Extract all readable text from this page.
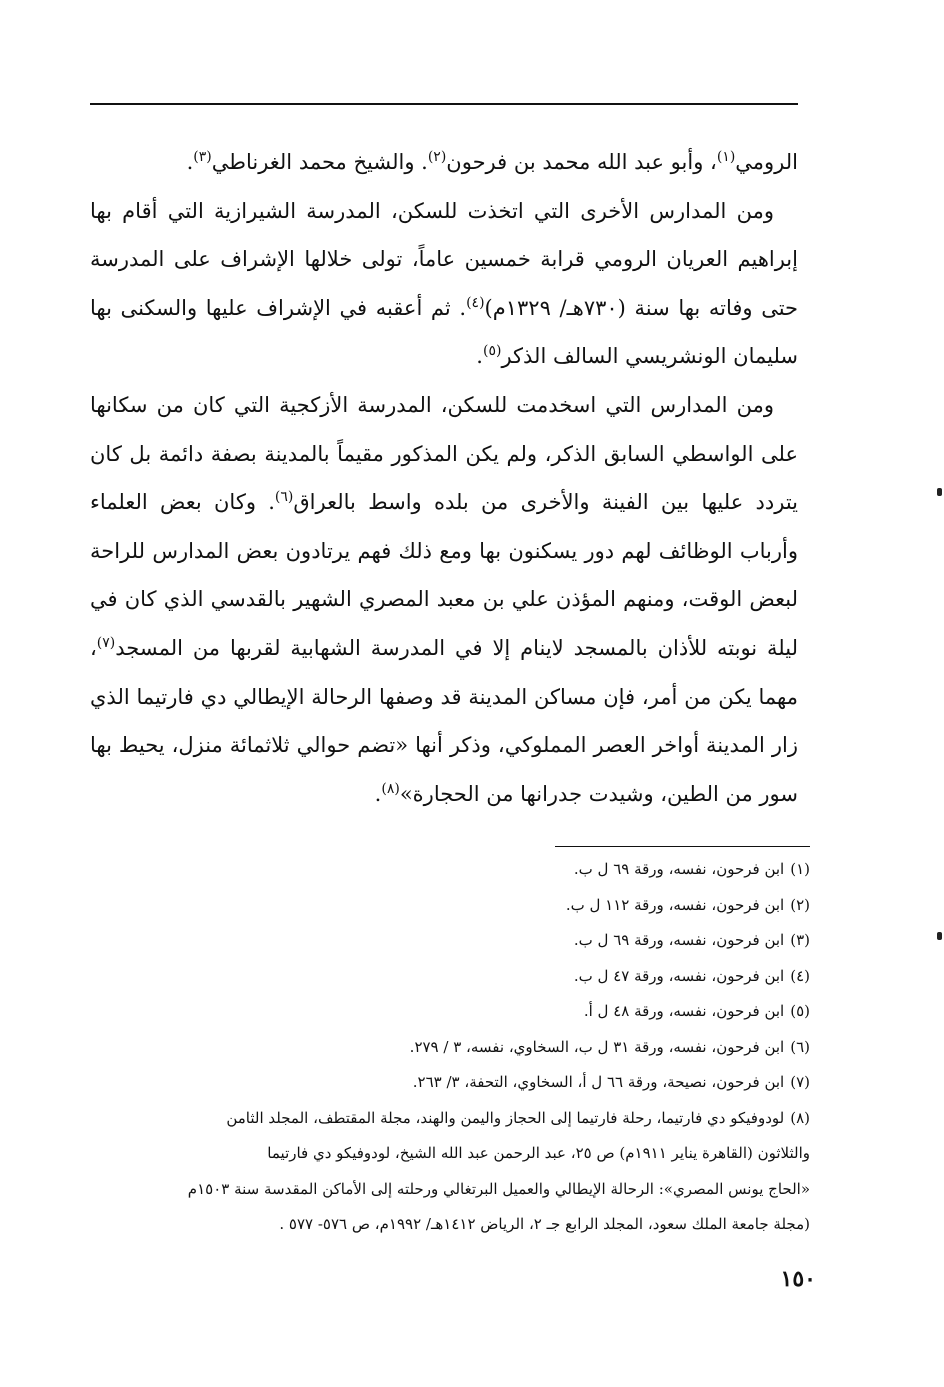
الرومي$^{(١)}$، وأبو عبد الله محمد بن فرحون$^{(٢)}$. والشيخ محمد الغرناطي$^{(٣)}$.

ومن المدارس الأخرى التي اتخذت للسكن، المدرسة الشيرازية التي أقام بها إبراهيم العريان الرومي قرابة خمسين عاماً، تولى خلالها الإشراف على المدرسة حتى وفاته بها سنة (٧٣٠هـ/ ١٣٢٩م)$^{(٤)}$. ثم أعقبه في الإشراف عليها والسكنى بها سليمان الونشريسي السالف الذكر$^{(٥)}$.

ومن المدارس التي اسخدمت للسكن، المدرسة الأزكجية التي كان من سكانها على الواسطي السابق الذكر، ولم يكن المذكور مقيماً بالمدينة بصفة دائمة بل كان يتردد عليها بين الفينة والأخرى من بلده واسط بالعراق$^{(٦)}$. وكان بعض العلماء وأرباب الوظائف لهم دور يسكنون بها ومع ذلك فهم يرتادون بعض المدارس للراحة لبعض الوقت، ومنهم المؤذن علي بن معبد المصري الشهير بالقدسي الذي كان في ليلة نوبته للأذان بالمسجد لاينام إلا في المدرسة الشهابية لقربها من المسجد$^{(٧)}$، مهما يكن من أمر، فإن مساكن المدينة قد وصفها الرحالة الإيطالي دي فارتيما الذي زار المدينة أواخر العصر المملوكي، وذكر أنها «تضم حوالي ثلاثمائة منزل، يحيط بها سور من الطين، وشيدت جدرانها من الحجارة»$^{(٨)}$.

(١)ابن فرحون، نفسه، ورقة ٦٩ ل ب.
(٢)ابن فرحون، نفسه، ورقة ١١٢ ل ب.
(٣)ابن فرحون، نفسه، ورقة ٦٩ ل ب.
(٤)ابن فرحون، نفسه، ورقة ٤٧ ل ب.
(٥)ابن فرحون، نفسه، ورقة ٤٨ ل أ.
(٦)ابن فرحون، نفسه، ورقة ٣١ ل ب، السخاوي، نفسه، ٣ / ٢٧٩.
(٧)ابن فرحون، نصيحة، ورقة ٦٦ ل أ، السخاوي، التحفة، ٣/ ٢٦٣.
(٨)لودوفيكو دي فارتيما، رحلة فارتيما إلى الحجاز واليمن والهند، مجلة المقتطف، المجلد الثامن
والثلاثون (القاهرة يناير ١٩١١م) ص ٢٥، عبد الرحمن عبد الله الشيخ، لودوفيكو دي فارتيما
«الحاج يونس المصري»: الرحالة الإيطالي والعميل البرتغالي ورحلته إلى الأماكن المقدسة سنة ١٥٠٣م
(مجلة جامعة الملك سعود، المجلد الرابع جـ ٢، الرياض ١٤١٢هـ/ ١٩٩٢م، ص ٥٧٦- ٥٧٧ .
١٥٠
